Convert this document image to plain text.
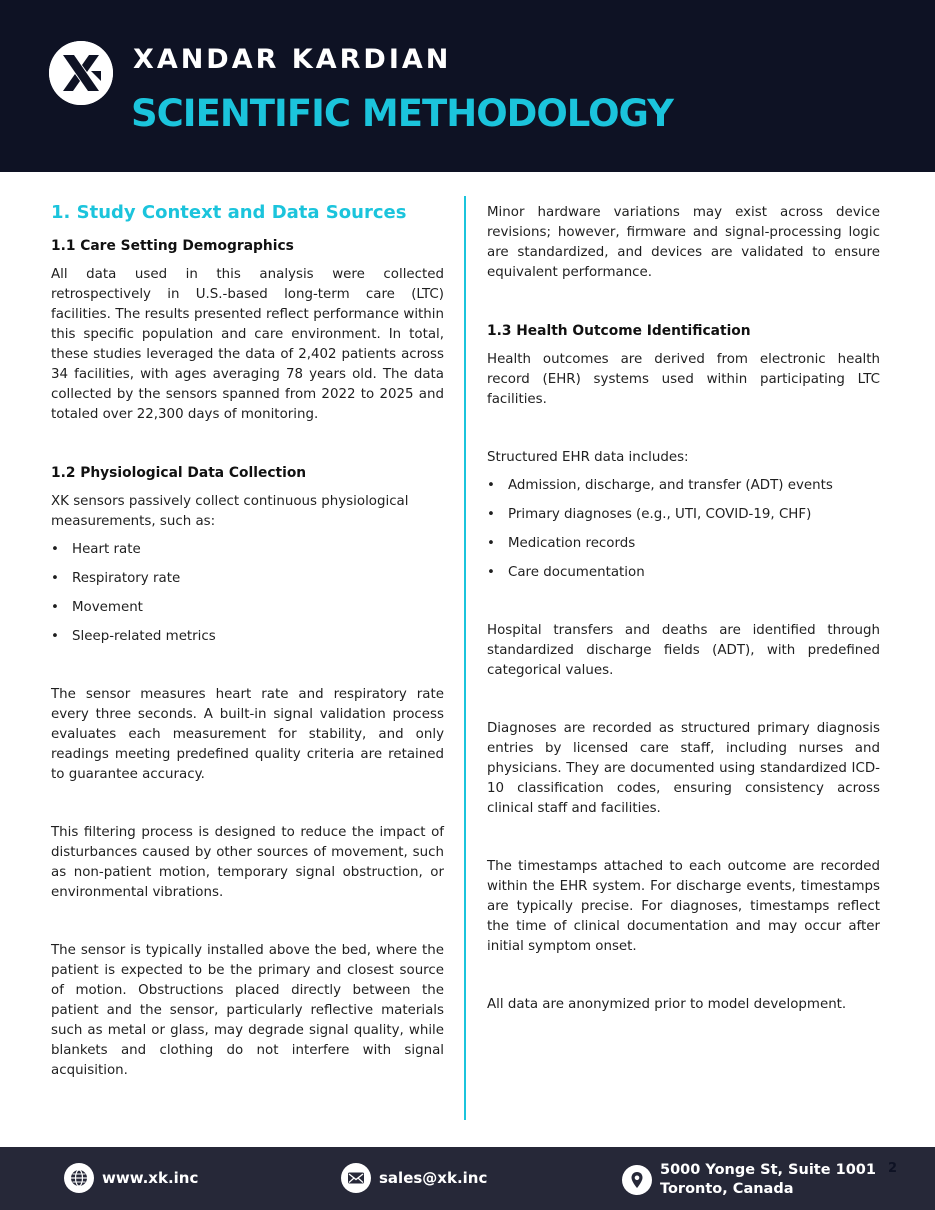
XANDAR KARDIAN
SCIENTIFIC METHODOLOGY
1. Study Context and Data Sources
1.1 Care Setting Demographics

All data used in this analysis were collected retrospectively in U.S.-based long-term care (LTC) facilities. The results presented reflect performance within this specific population and care environment. In total, these studies leveraged the data of 2,402 patients across 34 facilities, with ages averaging 78 years old. The data collected by the sensors spanned from 2022 to 2025 and totaled over 22,300 days of monitoring.

1.2 Physiological Data Collection

XK sensors passively collect continuous physiological measurements, such as:

• Heart rate
• Respiratory rate
• Movement
• Sleep-related metrics

The sensor measures heart rate and respiratory rate every three seconds. A built-in signal validation process evaluates each measurement for stability, and only readings meeting predefined quality criteria are retained to guarantee accuracy.

This filtering process is designed to reduce the impact of disturbances caused by other sources of movement, such as non-patient motion, temporary signal obstruction, or environmental vibrations.

The sensor is typically installed above the bed, where the patient is expected to be the primary and closest source of motion. Obstructions placed directly between the patient and the sensor, particularly reflective materials such as metal or glass, may degrade signal quality, while blankets and clothing do not interfere with signal acquisition.

Minor hardware variations may exist across device revisions; however, firmware and signal-processing logic are standardized, and devices are validated to ensure equivalent performance.

1.3 Health Outcome Identification

Health outcomes are derived from electronic health record (EHR) systems used within participating LTC facilities.

Structured EHR data includes:

• Admission, discharge, and transfer (ADT) events
• Primary diagnoses (e.g., UTI, COVID-19, CHF)
• Medication records
• Care documentation

Hospital transfers and deaths are identified through standardized discharge fields (ADT), with predefined categorical values.

Diagnoses are recorded as structured primary diagnosis entries by licensed care staff, including nurses and physicians. They are documented using standardized ICD-10 classification codes, ensuring consistency across clinical staff and facilities.

The timestamps attached to each outcome are recorded within the EHR system. For discharge events, timestamps are typically precise. For diagnoses, timestamps reflect the time of clinical documentation and may occur after initial symptom onset.

All data are anonymized prior to model development.

www.xk.inc	sales@xk.inc	5000 Yonge St, Suite 1001
Toronto, Canada
2
